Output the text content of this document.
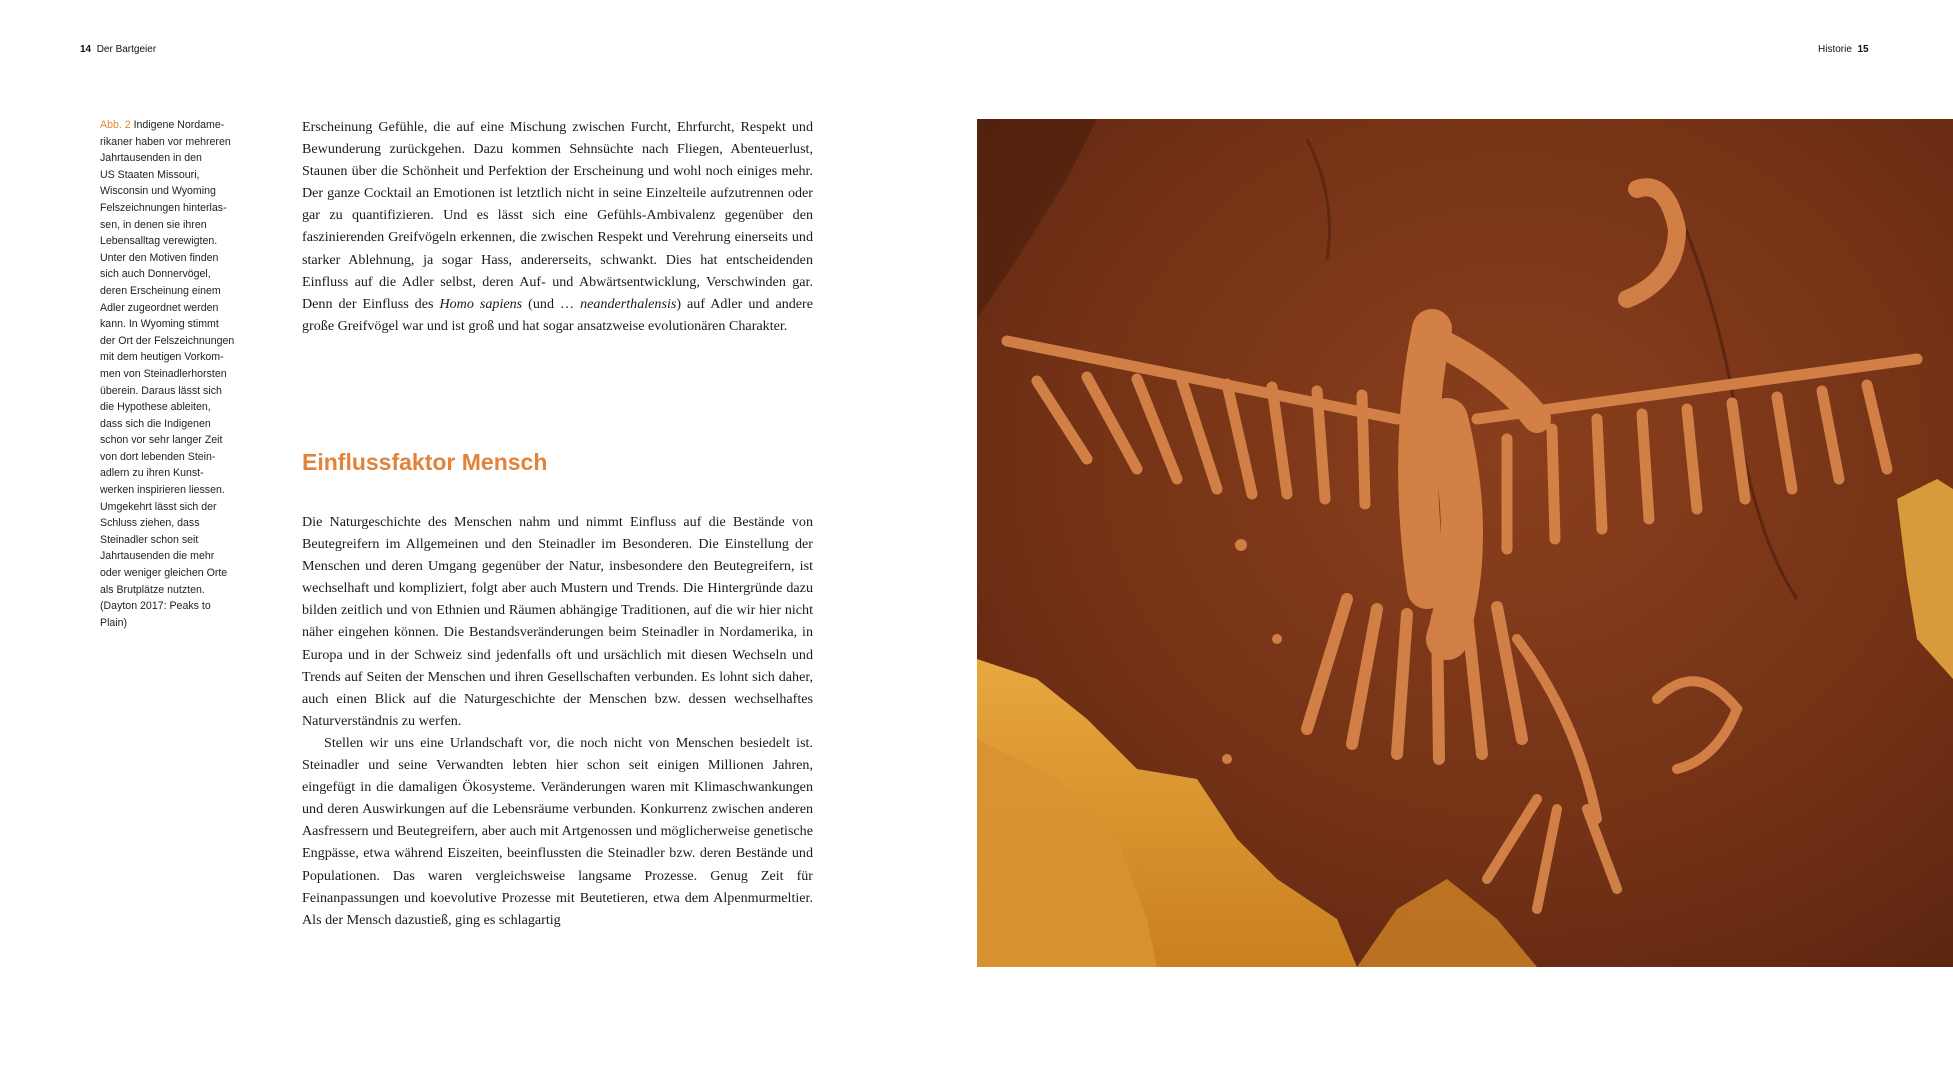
14 Der Bartgeier	Historie 15
Abb. 2 Indigene Nordame-
rikaner haben vor mehreren
Jahrtausenden in den
US Staaten Missouri,
Wisconsin und Wyoming
Felszeichnungen hinterlas-
sen, in denen sie ihren
Lebensalltag verewigten.
Unter den Motiven finden
sich auch Donnervögel,
deren Erscheinung einem
Adler zugeordnet werden
kann. In Wyoming stimmt
der Ort der Felszeichnungen
mit dem heutigen Vorkom-
men von Steinadlerhorsten
überein. Daraus lässt sich
die Hypothese ableiten,
dass sich die Indigenen
schon vor sehr langer Zeit
von dort lebenden Stein-
adlern zu ihren Kunst-
werken inspirieren liessen.
Umgekehrt lässt sich der
Schluss ziehen, dass
Steinadler schon seit
Jahrtausenden die mehr
oder weniger gleichen Orte
als Brutplätze nutzten.
(Dayton 2017: Peaks to
Plain)

Erscheinung Gefühle, die auf eine Mischung zwischen Furcht, Ehrfurcht, Respekt und Bewunderung zurückgehen. Dazu kommen Sehnsüchte nach Fliegen, Abenteuerlust, Staunen über die Schönheit und Perfektion der Erscheinung und wohl noch einiges mehr. Der ganze Cocktail an Emotionen ist letztlich nicht in seine Einzelteile aufzutrennen oder gar zu quantifizieren. Und es lässt sich eine Gefühls-Ambivalenz gegenüber den faszinierenden Greifvögeln erkennen, die zwischen Respekt und Verehrung einerseits und starker Ablehnung, ja sogar Hass, andererseits, schwankt. Dies hat entscheidenden Einfluss auf die Adler selbst, deren Auf- und Abwärtsentwicklung, Verschwinden gar. Denn der Einfluss des Homo sapiens (und … neanderthalensis) auf Adler und andere große Greifvögel war und ist groß und hat sogar ansatzweise evolutionären Charakter.

Einflussfaktor Mensch

Die Naturgeschichte des Menschen nahm und nimmt Einfluss auf die Bestände von Beutegreifern im Allgemeinen und den Steinadler im Besonderen. Die Einstellung der Menschen und deren Umgang gegenüber der Natur, insbesondere den Beutegreifern, ist wechselhaft und kompliziert, folgt aber auch Mustern und Trends. Die Hintergründe dazu bilden zeitlich und von Ethnien und Räumen abhängige Traditionen, auf die wir hier nicht näher eingehen können. Die Bestandsveränderungen beim Steinadler in Nordamerika, in Europa und in der Schweiz sind jedenfalls oft und ursächlich mit diesen Wechseln und Trends auf Seiten der Menschen und ihren Gesellschaften verbunden. Es lohnt sich daher, auch einen Blick auf die Naturgeschichte der Menschen bzw. dessen wechselhaftes Naturverständnis zu werfen.

Stellen wir uns eine Urlandschaft vor, die noch nicht von Menschen besiedelt ist. Steinadler und seine Verwandten lebten hier schon seit einigen Millionen Jahren, eingefügt in die damaligen Ökosysteme. Veränderungen waren mit Klimaschwankungen und deren Auswirkungen auf die Lebensräume verbunden. Konkurrenz zwischen anderen Aasfressern und Beutegreifern, aber auch mit Artgenossen und möglicherweise genetische Engpässe, etwa während Eiszeiten, beeinflussten die Steinadler bzw. deren Bestände und Populationen. Das waren vergleichsweise langsame Prozesse. Genug Zeit für Feinanpassungen und koevolutive Prozesse mit Beutetieren, etwa dem Alpenmurmeltier. Als der Mensch dazustieß, ging es schlagartig
